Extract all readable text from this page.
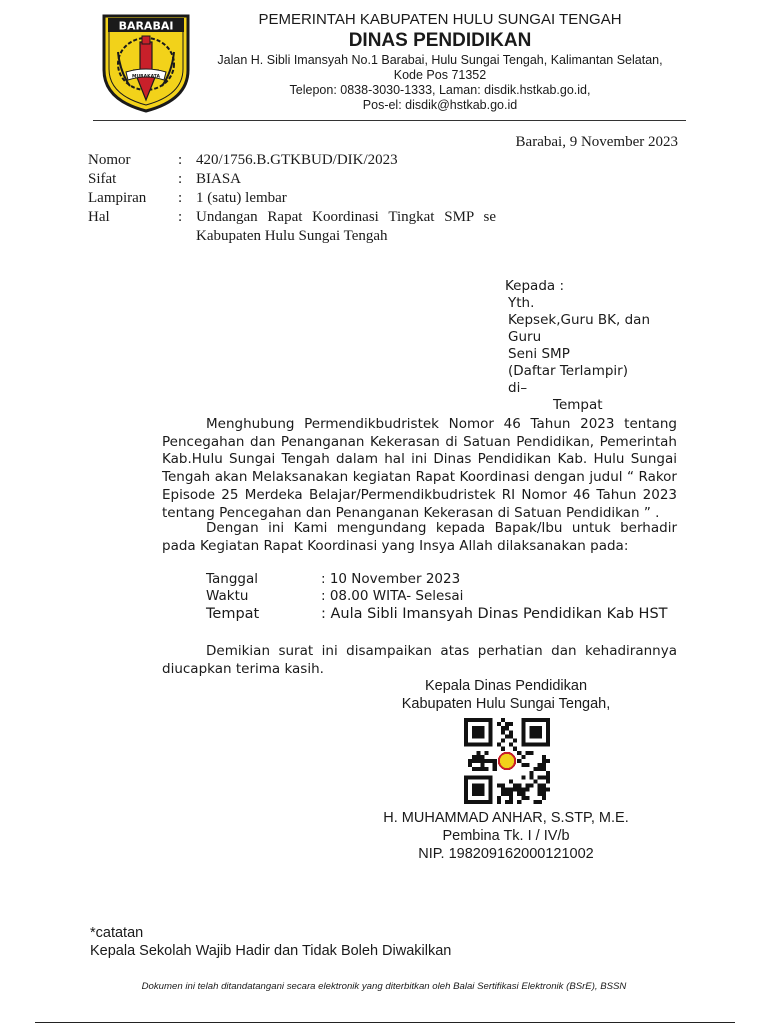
BARABAI
MURAKATA
PEMERINTAH KABUPATEN HULU SUNGAI TENGAH
DINAS PENDIDIKAN
Jalan H. Sibli Imansyah No.1 Barabai, Hulu Sungai Tengah, Kalimantan Selatan,
Kode Pos 71352
Telepon: 0838-3030-1333, Laman: disdik.hstkab.go.id,
Pos-el: disdik@hstkab.go.id
Barabai, 9 November 2023
Nomor	: 420/1756.B.GTKBUD/DIK/2023
Sifat	: BIASA
Lampiran : 1 (satu) lembar
Hal	: Undangan Rapat Koordinasi Tingkat SMP se
Kabupaten Hulu Sungai Tengah
Kepada :
Yth.
Kepsek,Guru BK, dan Guru
Seni SMP
(Daftar Terlampir)
di–
Tempat
Menghubung Permendikbudristek Nomor 46 Tahun 2023 tentang Pencegahan dan Penanganan Kekerasan di Satuan Pendidikan, Pemerintah Kab.Hulu Sungai Tengah dalam hal ini Dinas Pendidikan Kab. Hulu Sungai Tengah akan Melaksanakan kegiatan Rapat Koordinasi dengan judul “ Rakor Episode 25 Merdeka Belajar/Permendikbudristek RI Nomor 46 Tahun 2023 tentang Pencegahan dan Penanganan Kekerasan di Satuan Pendidikan ” .
Dengan ini Kami mengundang kepada Bapak/Ibu untuk berhadir pada Kegiatan Rapat Koordinasi yang Insya Allah dilaksanakan pada:
Tanggal	: 10 November 2023
Waktu	: 08.00 WITA- Selesai
Tempat	: Aula Sibli Imansyah Dinas Pendidikan Kab HST
Demikian surat ini disampaikan atas perhatian dan kehadirannya diucapkan terima kasih.
Kepala Dinas Pendidikan
Kabupaten Hulu Sungai Tengah,
H. MUHAMMAD ANHAR, S.STP, M.E.
Pembina Tk. I / IV/b
NIP. 198209162000121002
*catatan
Kepala Sekolah Wajib Hadir dan Tidak Boleh Diwakilkan
Dokumen ini telah ditandatangani secara elektronik yang diterbitkan oleh Balai Sertifikasi Elektronik (BSrE), BSSN
